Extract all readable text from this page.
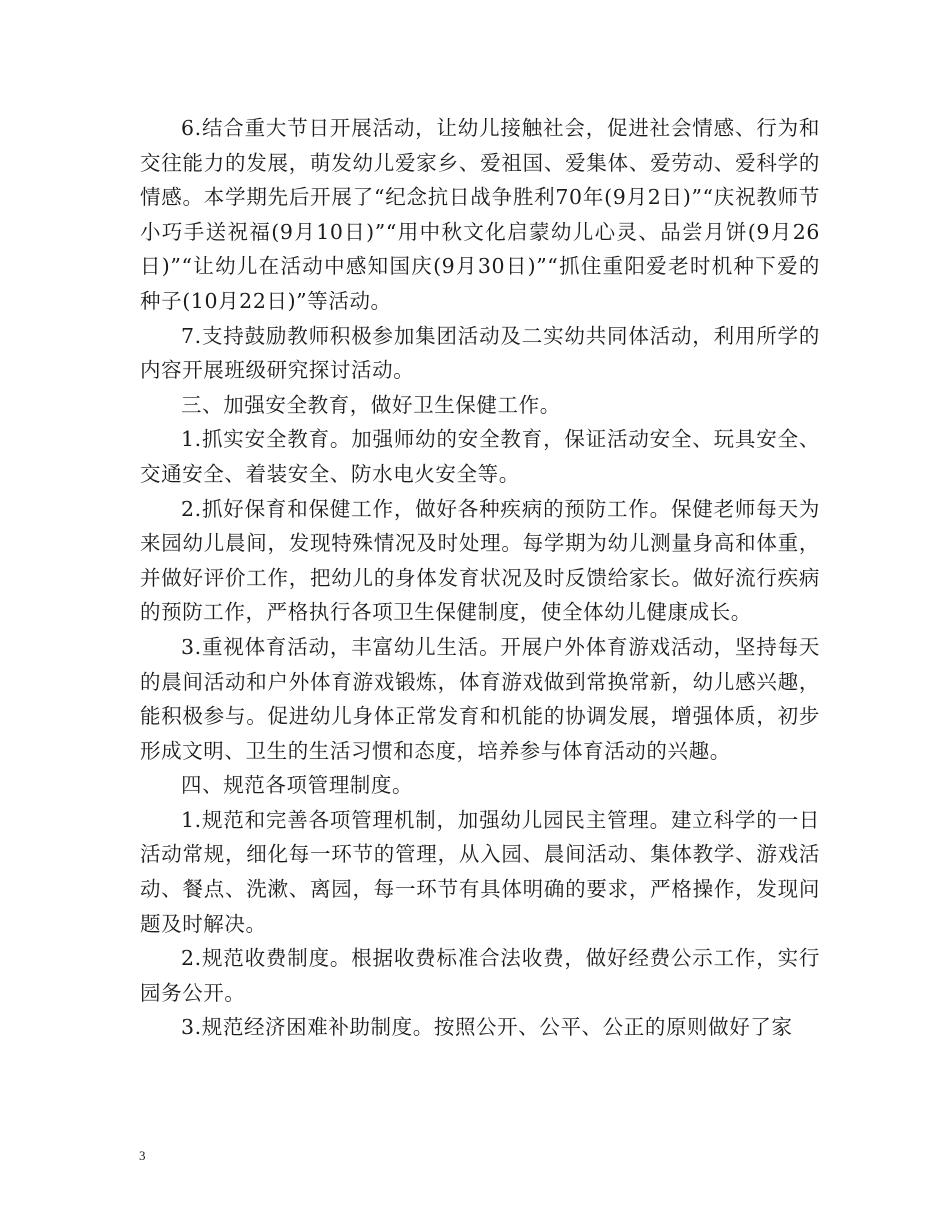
6.结合重大节日开展活动，让幼儿接触社会，促进社会情感、行为和交往能力的发展，萌发幼儿爱家乡、爱祖国、爱集体、爱劳动、爱科学的情感。本学期先后开展了“纪念抗日战争胜利70年(9月2日)”“庆祝教师节小巧手送祝福(9月10日)”“用中秋文化启蒙幼儿心灵、品尝月饼(9月26日)”“让幼儿在活动中感知国庆(9月30日)”“抓住重阳爱老时机种下爱的种子(10月22日)”等活动。

7.支持鼓励教师积极参加集团活动及二实幼共同体活动，利用所学的内容开展班级研究探讨活动。

三、加强安全教育，做好卫生保健工作。

1.抓实安全教育。加强师幼的安全教育，保证活动安全、玩具安全、交通安全、着装安全、防水电火安全等。

2.抓好保育和保健工作，做好各种疾病的预防工作。保健老师每天为来园幼儿晨间，发现特殊情况及时处理。每学期为幼儿测量身高和体重，并做好评价工作，把幼儿的身体发育状况及时反馈给家长。做好流行疾病的预防工作，严格执行各项卫生保健制度，使全体幼儿健康成长。

3.重视体育活动，丰富幼儿生活。开展户外体育游戏活动，坚持每天的晨间活动和户外体育游戏锻炼，体育游戏做到常换常新，幼儿感兴趣，能积极参与。促进幼儿身体正常发育和机能的协调发展，增强体质，初步形成文明、卫生的生活习惯和态度，培养参与体育活动的兴趣。

四、规范各项管理制度。

1.规范和完善各项管理机制，加强幼儿园民主管理。建立科学的一日活动常规，细化每一环节的管理，从入园、晨间活动、集体教学、游戏活动、餐点、洗漱、离园，每一环节有具体明确的要求，严格操作，发现问题及时解决。

2.规范收费制度。根据收费标准合法收费，做好经费公示工作，实行园务公开。

3.规范经济困难补助制度。按照公开、公平、公正的原则做好了家

3
